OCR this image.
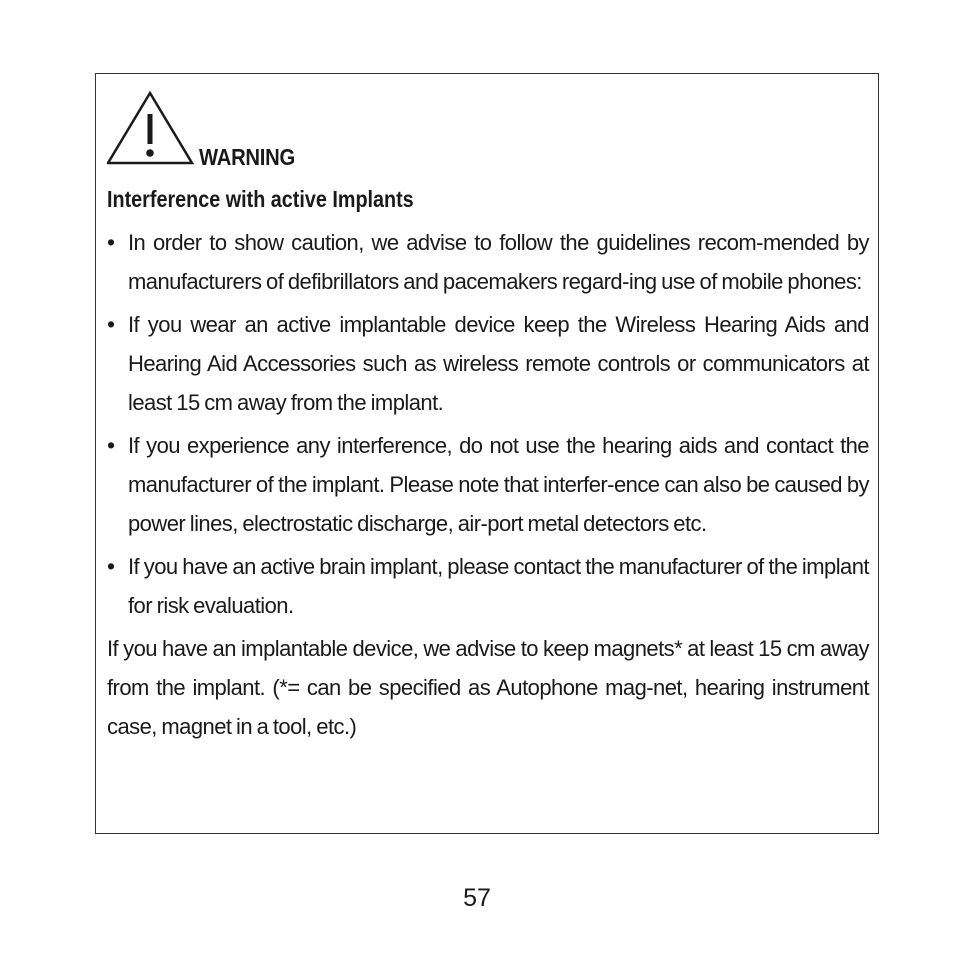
WARNING
Interference with active Implants
• In order to show caution, we advise to follow the guidelines recom-mended by manufacturers of defibrillators and pacemakers regard-ing use of mobile phones:
• If you wear an active implantable device keep the Wireless Hearing Aids and Hearing Aid Accessories such as wireless remote controls or communicators at least 15 cm away from the implant.
• If you experience any interference, do not use the hearing aids and contact the manufacturer of the implant. Please note that interfer-ence can also be caused by power lines, electrostatic discharge, air-port metal detectors etc.
• If you have an active brain implant, please contact the manufacturer of the implant for risk evaluation.
If you have an implantable device, we advise to keep magnets* at least 15 cm away from the implant. (*= can be specified as Autophone mag-net, hearing instrument case, magnet in a tool, etc.)
57
